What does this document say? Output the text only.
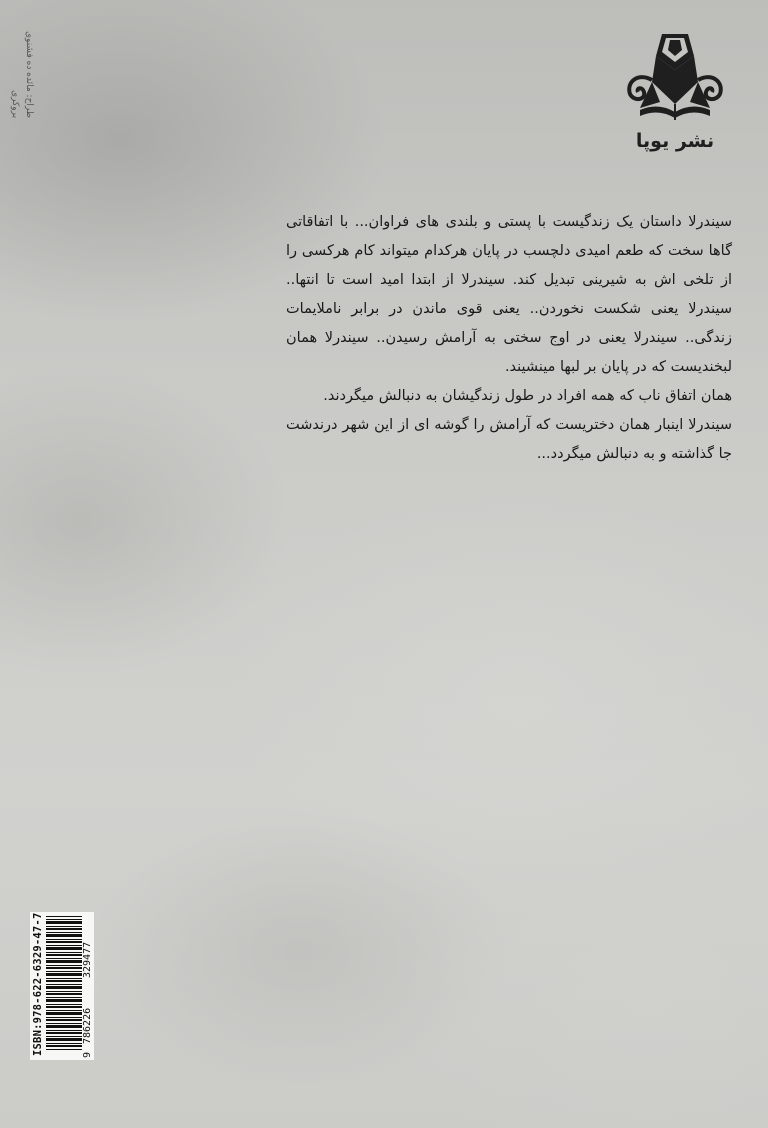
طراح: مائده ده فشنوی بروکری
نشر یوپا

سیندرلا داستان یک زندگیست با پستی و بلندی های فراوان... با اتفاقاتی گاها سخت که طعم امیدی دلچسب در پایان هرکدام میتواند کام هرکسی را از تلخی اش به شیرینی تبدیل کند. سیندرلا از ابتدا امید است تا انتها.. سیندرلا یعنی شکست نخوردن.. یعنی قوی ماندن در برابر ناملایمات زندگی.. سیندرلا یعنی در اوج سختی به آرامش رسیدن.. سیندرلا همان لبخندیست که در پایان بر لبها مینشیند.

همان اتفاق ناب که همه افراد در طول زندگیشان به دنبالش میگردند.

سیندرلا اینبار همان دختریست که آرامش را گوشه ای از این شهر درندشت جا گذاشته و به دنبالش میگردد...

ISBN:978-622-6329-47-7	9
786226
329477
